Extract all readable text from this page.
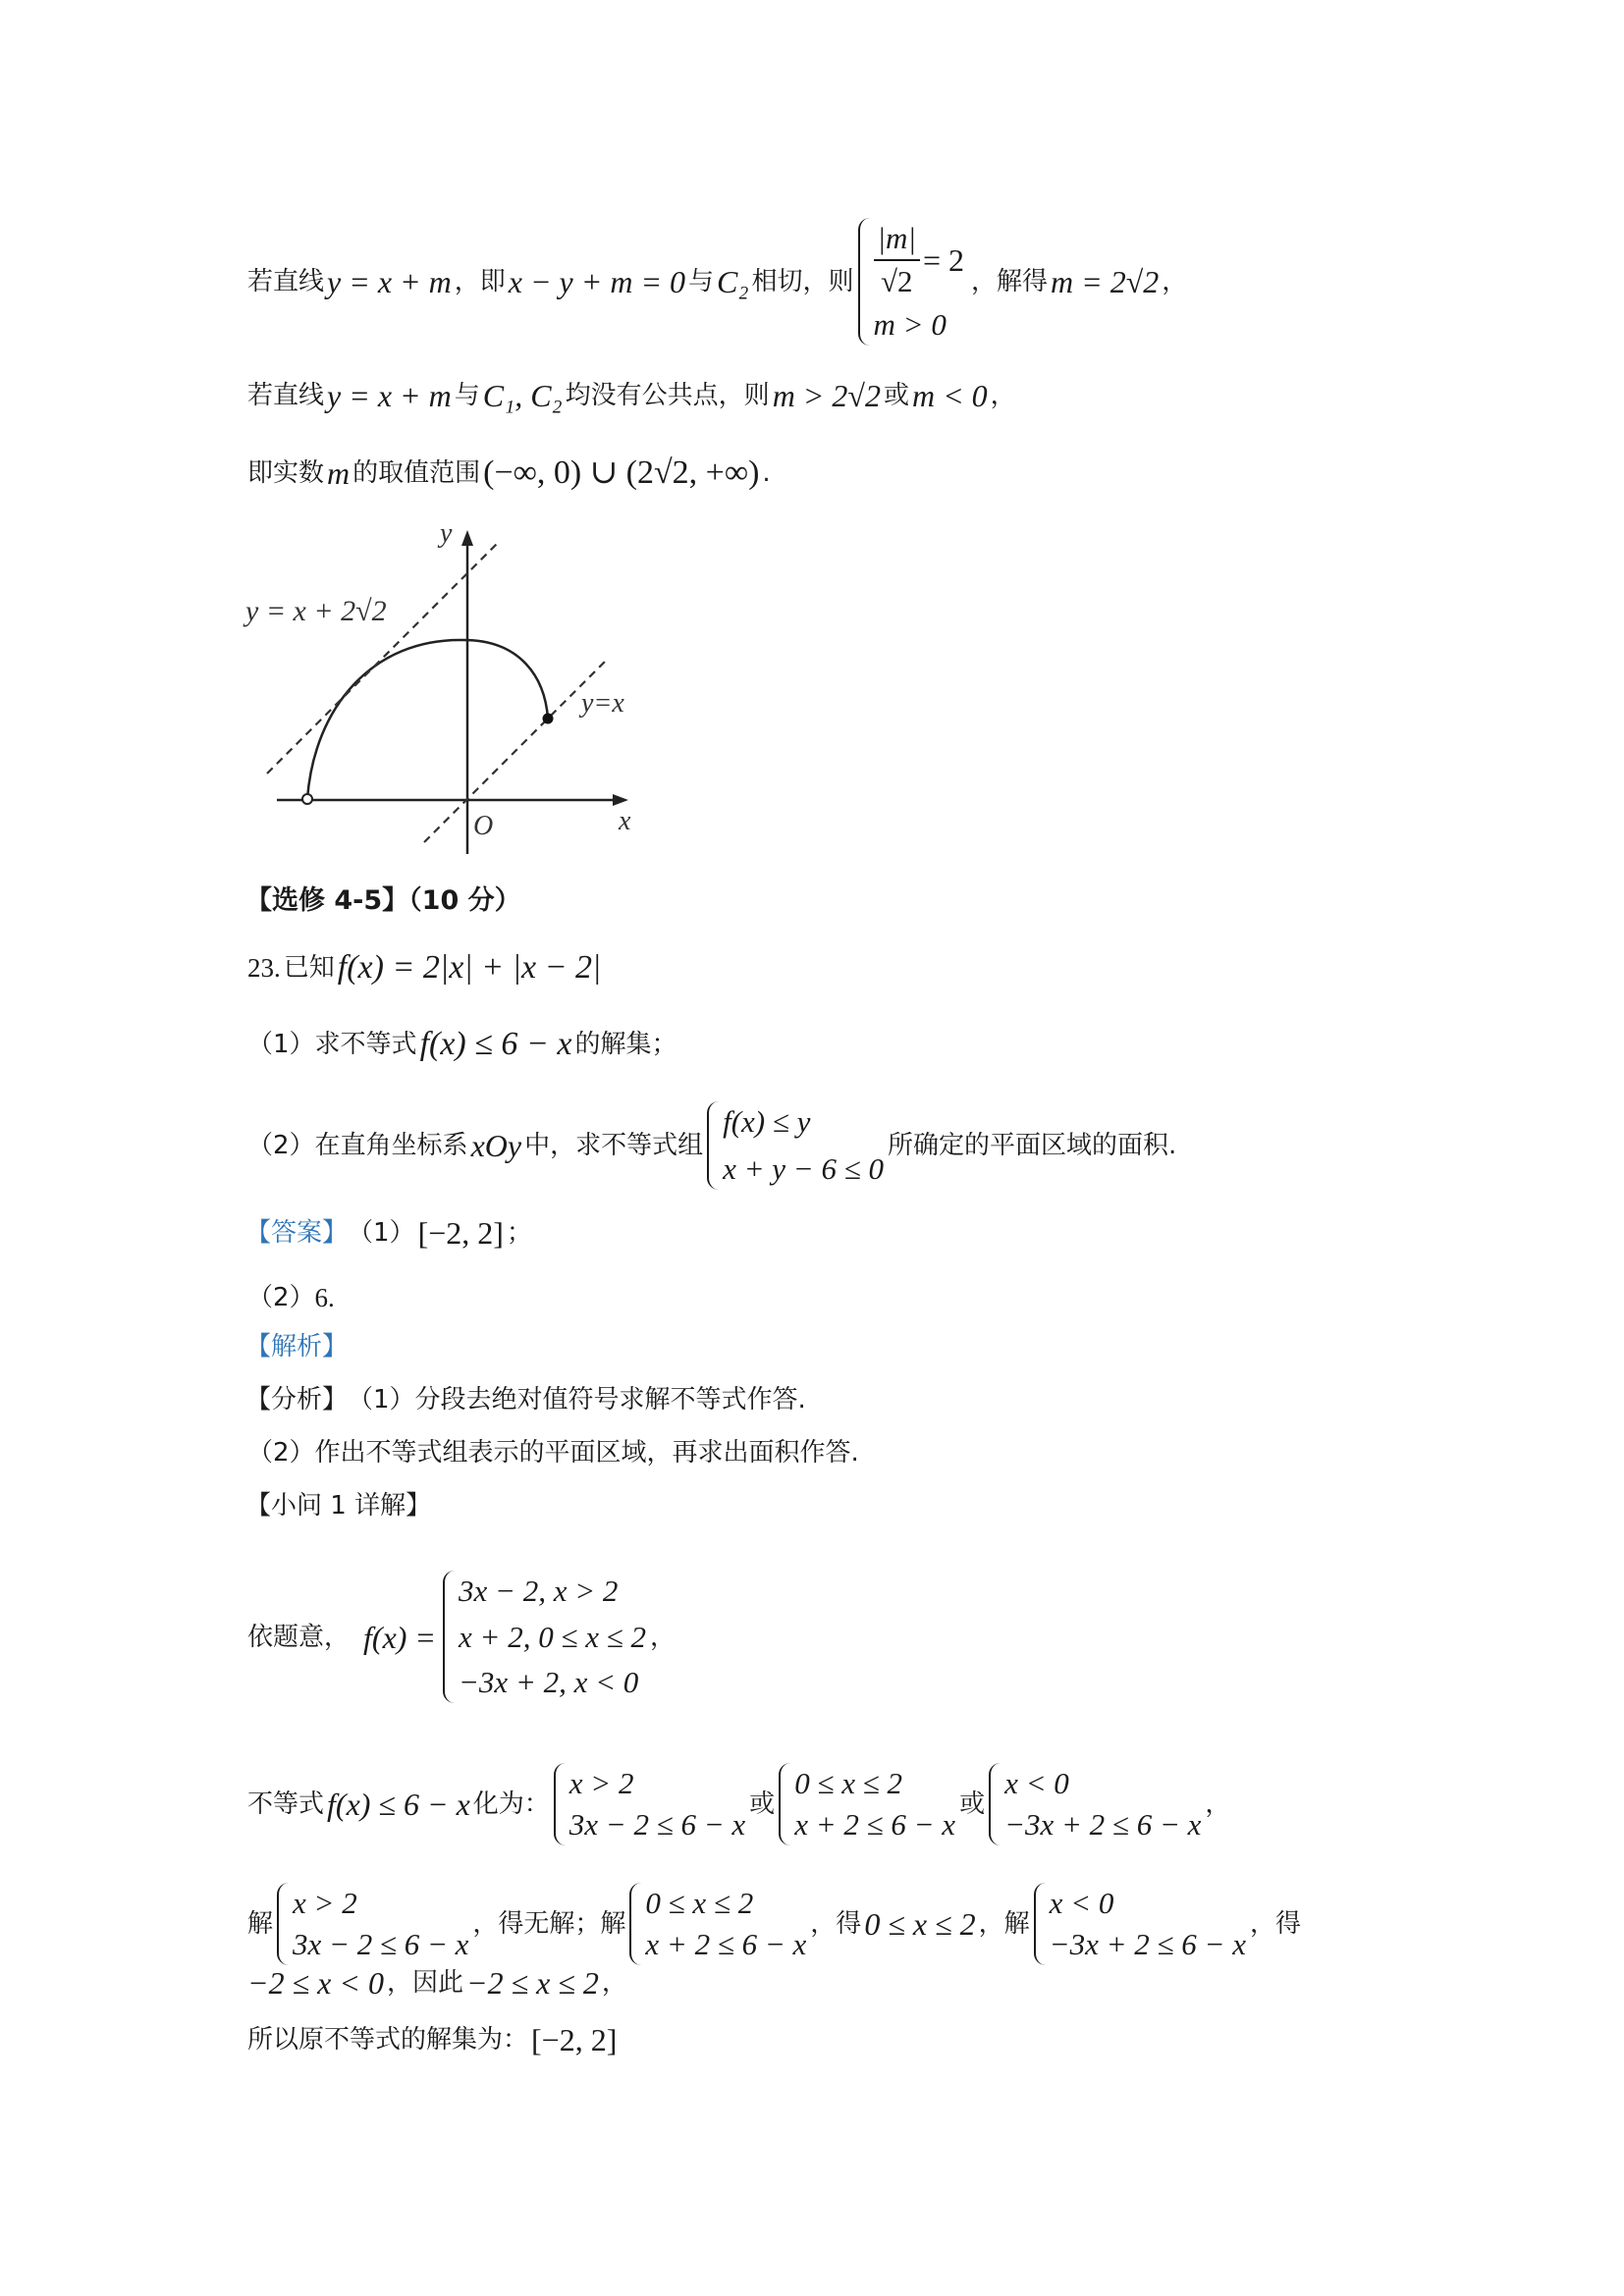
若直线 y = x + m ，即 x − y + m = 0 与 C₂ 相切，则 $\frac{|m|}{√2} = 2$
m > 0
，解得 m = 2√2 ，
若直线 y = x + m 与 C₁, C₂ 均没有公共点，则 m > 2√2 或 m < 0 ，
即实数 m 的取值范围 (−∞, 0) ∪ (2√2, +∞) .
y = x + 2√2
y=x
y
x
O
【选修 4-5】（10 分）
23. 已知 f(x) = 2|x| + |x − 2|
（1） 求不等式 f(x) ≤ 6 − x 的解集；
（2） 在直角坐标系 xOy 中，求不等式组
f(x) ≤ y
x + y − 6 ≤ 0
所确定的平面区域的面积.
【答案】 （1） [−2, 2] ；
（2） 6.
【解析】
【分析】 （1）分段去绝对值符号求解不等式作答.
（2）作出不等式组表示的平面区域，再求出面积作答.
【小问 1 详解】
依题意， f(x) =
3x − 2, x > 2
x + 2, 0 ≤ x ≤ 2
−3x + 2, x < 0
，
不等式 f(x) ≤ 6 − x 化为：
x > 2
3x − 2 ≤ 6 − x
或
0 ≤ x ≤ 2
x + 2 ≤ 6 − x
或
x < 0
−3x + 2 ≤ 6 − x
，
解
x > 2
3x − 2 ≤ 6 − x
，得无解； 解
0 ≤ x ≤ 2
x + 2 ≤ 6 − x
，得 0 ≤ x ≤ 2 ， 解
x < 0
−3x + 2 ≤ 6 − x
，得
−2 ≤ x < 0 ，因此 −2 ≤ x ≤ 2 ，
所以原不等式的解集为： [−2, 2]
